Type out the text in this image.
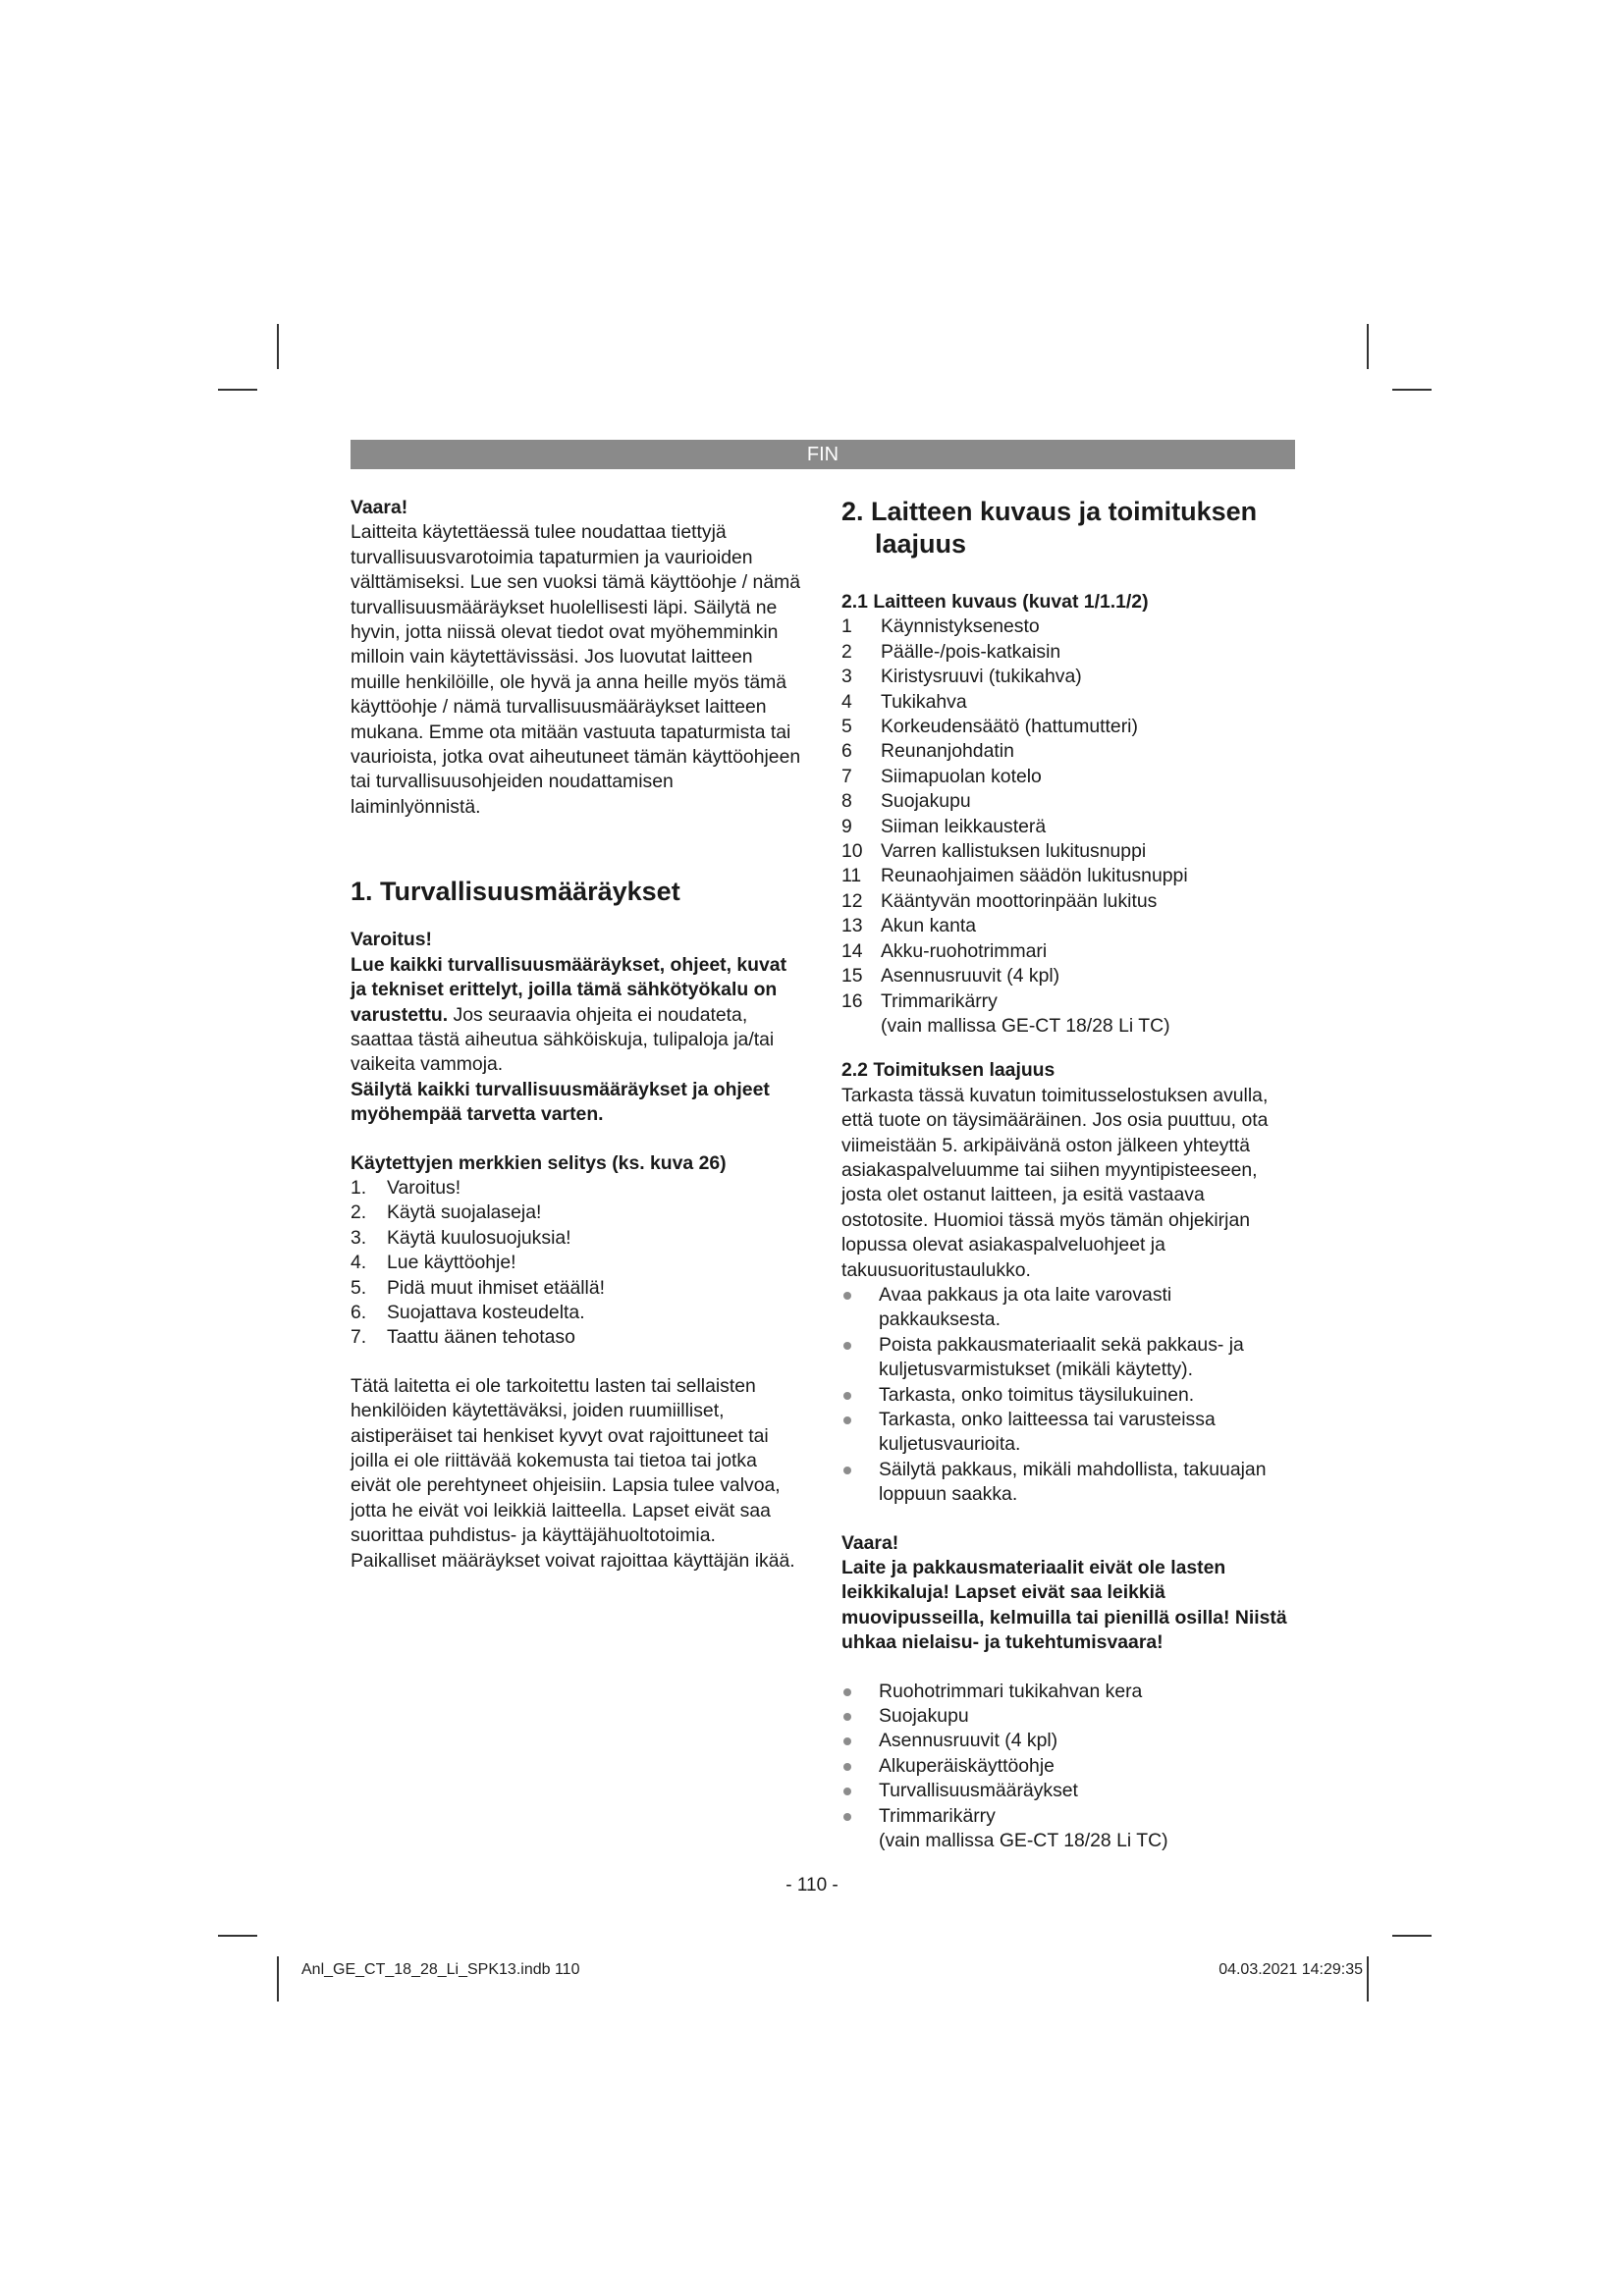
FIN

Vaara!

Laitteita käytettäessä tulee noudattaa tiettyjä turvallisuusvarotoimia tapaturmien ja vaurioiden välttämiseksi. Lue sen vuoksi tämä käyttöohje / nämä turvallisuusmääräykset huolellisesti läpi. Säilytä ne hyvin, jotta niissä olevat tiedot ovat myöhemminkin milloin vain käytettävissäsi. Jos luovutat laitteen muille henkilöille, ole hyvä ja anna heille myös tämä käyttöohje / nämä turvallisuusmääräykset laitteen mukana. Emme ota mitään vastuuta tapaturmista tai vaurioista, jotka ovat aiheutuneet tämän käyttöohjeen tai turvallisuusohjeiden noudattamisen laiminlyönnistä.

1. Turvallisuusmääräykset

Varoitus!

Lue kaikki turvallisuusmääräykset, ohjeet, kuvat ja tekniset erittelyt, joilla tämä sähkötyökalu on varustettu. Jos seuraavia ohjeita ei noudateta, saattaa tästä aiheutua sähköiskuja, tulipaloja ja/tai vaikeita vammoja.

Säilytä kaikki turvallisuusmääräykset ja ohjeet myöhempää tarvetta varten.

Käytettyjen merkkien selitys (ks. kuva 26)

1. Varoitus!
2. Käytä suojalaseja!
3. Käytä kuulosuojuksia!
4. Lue käyttöohje!
5. Pidä muut ihmiset etäällä!
6. Suojattava kosteudelta.
7. Taattu äänen tehotaso

Tätä laitetta ei ole tarkoitettu lasten tai sellaisten henkilöiden käytettäväksi, joiden ruumiilliset, aistiperäiset tai henkiset kyvyt ovat rajoittuneet tai joilla ei ole riittävää kokemusta tai tietoa tai jotka eivät ole perehtyneet ohjeisiin. Lapsia tulee valvoa, jotta he eivät voi leikkiä laitteella. Lapset eivät saa suorittaa puhdistus- ja käyttäjähuoltotoimia. Paikalliset määräykset voivat rajoittaa käyttäjän ikää.

2. Laitteen kuvaus ja toimituksen laajuus

2.1 Laitteen kuvaus (kuvat 1/1.1/2)

1 Käynnistyksenesto
2 Päälle-/pois-katkaisin
3 Kiristysruuvi (tukikahva)
4 Tukikahva
5 Korkeudensäätö (hattumutteri)
6 Reunanjohdatin
7 Siimapuolan kotelo
8 Suojakupu
9 Siiman leikkausterä
10 Varren kallistuksen lukitusnuppi
11 Reunaohjaimen säädön lukitusnuppi
12 Kääntyvän moottorinpään lukitus
13 Akun kanta
14 Akku-ruohotrimmari
15 Asennusruuvit (4 kpl)
16 Trimmarikärry
(vain mallissa GE-CT 18/28 Li TC)

2.2 Toimituksen laajuus

Tarkasta tässä kuvatun toimitusselostuksen avulla, että tuote on täysimääräinen. Jos osia puuttuu, ota viimeistään 5. arkipäivänä oston jälkeen yhteyttä asiakaspalveluumme tai siihen myyntipisteeseen, josta olet ostanut laitteen, ja esitä vastaava ostotosite. Huomioi tässä myös tämän ohjekirjan lopussa olevat asiakaspalveluohjeet ja takuusuoritustaulukko.

Avaa pakkaus ja ota laite varovasti pakkauksesta.
Poista pakkausmateriaalit sekä pakkaus- ja kuljetusvarmistukset (mikäli käytetty).
Tarkasta, onko toimitus täysilukuinen.
Tarkasta, onko laitteessa tai varusteissa kuljetusvaurioita.
Säilytä pakkaus, mikäli mahdollista, takuuajan loppuun saakka.

Vaara!

Laite ja pakkausmateriaalit eivät ole lasten leikkikaluja! Lapset eivät saa leikkiä muovipusseilla, kelmuilla tai pienillä osilla! Niistä uhkaa nielaisu- ja tukehtumisvaara!

Ruohotrimmari tukikahvan kera
Suojakupu
Asennusruuvit (4 kpl)
Alkuperäiskäyttöohje
Turvallisuusmääräykset
Trimmarikärry
(vain mallissa GE-CT 18/28 Li TC)
- 110 -
Anl_GE_CT_18_28_Li_SPK13.indb 110	04.03.2021 14:29:35
